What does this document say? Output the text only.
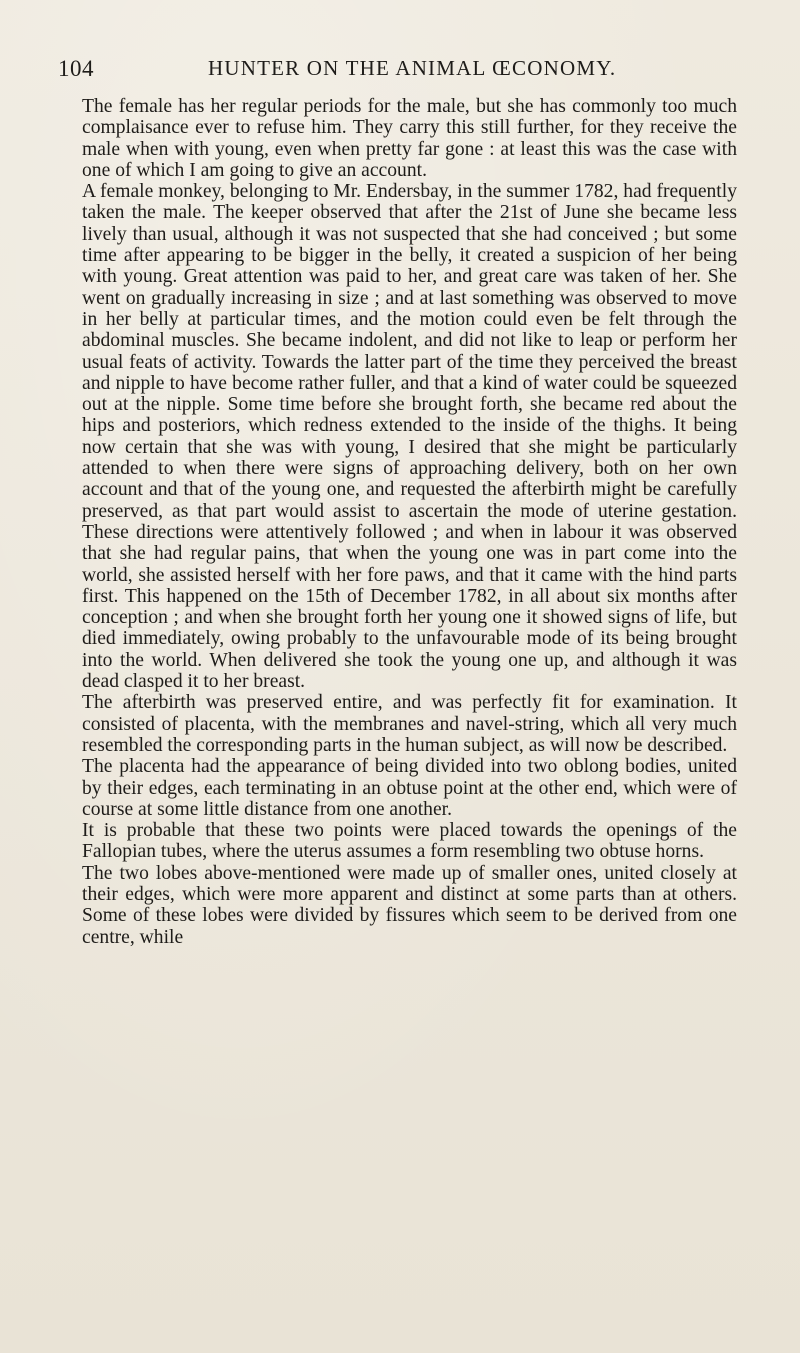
104	HUNTER ON THE ANIMAL ŒCONOMY.

The female has her regular periods for the male, but she has commonly too much complaisance ever to refuse him. They carry this still further, for they receive the male when with young, even when pretty far gone : at least this was the case with one of which I am going to give an account.

A female monkey, belonging to Mr. Endersbay, in the summer 1782, had frequently taken the male. The keeper observed that after the 21st of June she became less lively than usual, although it was not suspected that she had conceived ; but some time after appearing to be bigger in the belly, it created a suspicion of her being with young. Great attention was paid to her, and great care was taken of her. She went on gradually increasing in size ; and at last something was observed to move in her belly at particular times, and the motion could even be felt through the abdominal muscles. She became indolent, and did not like to leap or perform her usual feats of activity. Towards the latter part of the time they perceived the breast and nipple to have become rather fuller, and that a kind of water could be squeezed out at the nipple. Some time before she brought forth, she became red about the hips and posteriors, which redness extended to the inside of the thighs. It being now certain that she was with young, I desired that she might be particularly attended to when there were signs of approaching delivery, both on her own account and that of the young one, and requested the afterbirth might be carefully preserved, as that part would assist to ascertain the mode of uterine gestation. These directions were attentively followed ; and when in labour it was observed that she had regular pains, that when the young one was in part come into the world, she assisted herself with her fore paws, and that it came with the hind parts first. This happened on the 15th of December 1782, in all about six months after conception ; and when she brought forth her young one it showed signs of life, but died immediately, owing probably to the unfavourable mode of its being brought into the world. When delivered she took the young one up, and although it was dead clasped it to her breast.

The afterbirth was preserved entire, and was perfectly fit for examination. It consisted of placenta, with the membranes and navel-string, which all very much resembled the corresponding parts in the human subject, as will now be described.

The placenta had the appearance of being divided into two oblong bodies, united by their edges, each terminating in an obtuse point at the other end, which were of course at some little distance from one another.

It is probable that these two points were placed towards the openings of the Fallopian tubes, where the uterus assumes a form resembling two obtuse horns.

The two lobes above-mentioned were made up of smaller ones, united closely at their edges, which were more apparent and distinct at some parts than at others. Some of these lobes were divided by fissures which seem to be derived from one centre, while
